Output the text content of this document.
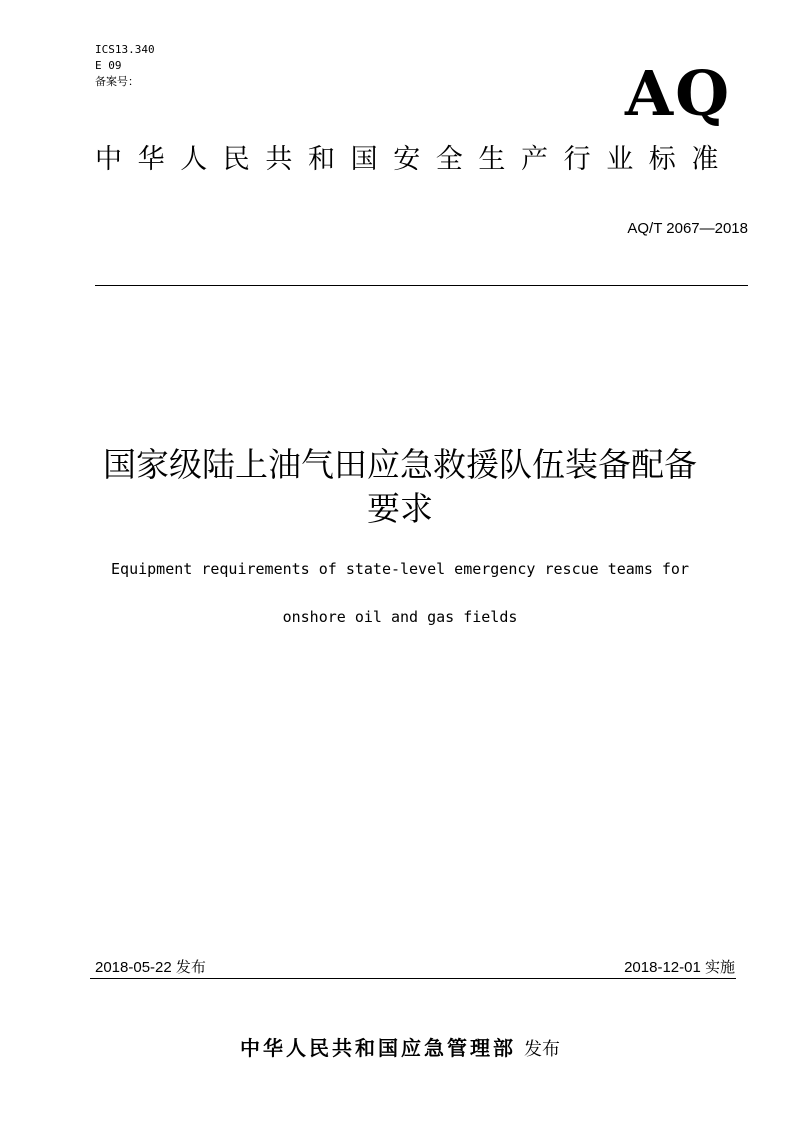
ICS13.340
E 09
备案号：	AQ
中华人民共和国安全生产行业标准
AQ/T 2067—2018
国家级陆上油气田应急救援队伍装备配备
要求
Equipment requirements of state-level emergency rescue teams for
onshore oil and gas fields
2018-05-22 发布	2018-12-01 实施
中华人民共和国应急管理部 发布
